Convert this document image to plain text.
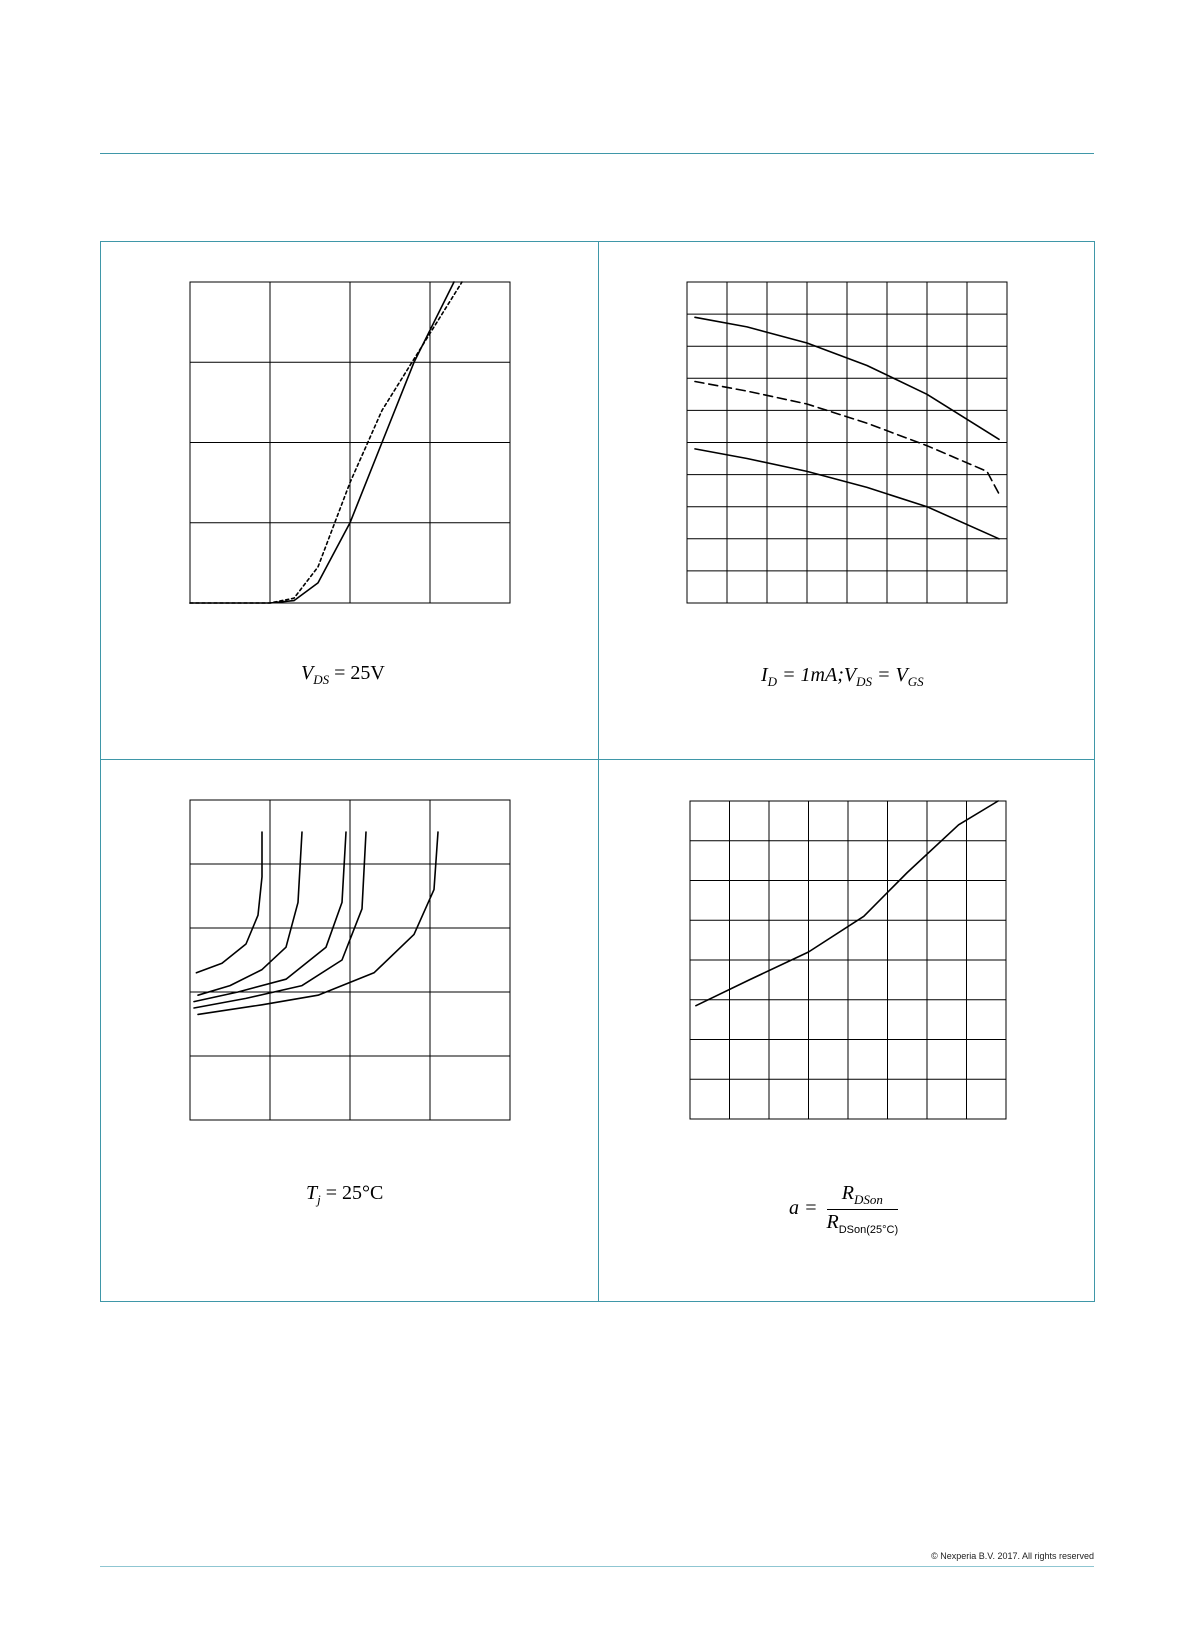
$V_{DS} = 25V$	$I_D$ = $1mA;V_{DS} = V_{GS}$
$T_j = 25^\circ C$
$a = \frac{R_{DSon}}{R_{DSon(25^\circ C)}}$
© Nexperia B.V. 2017. All rights reserved
